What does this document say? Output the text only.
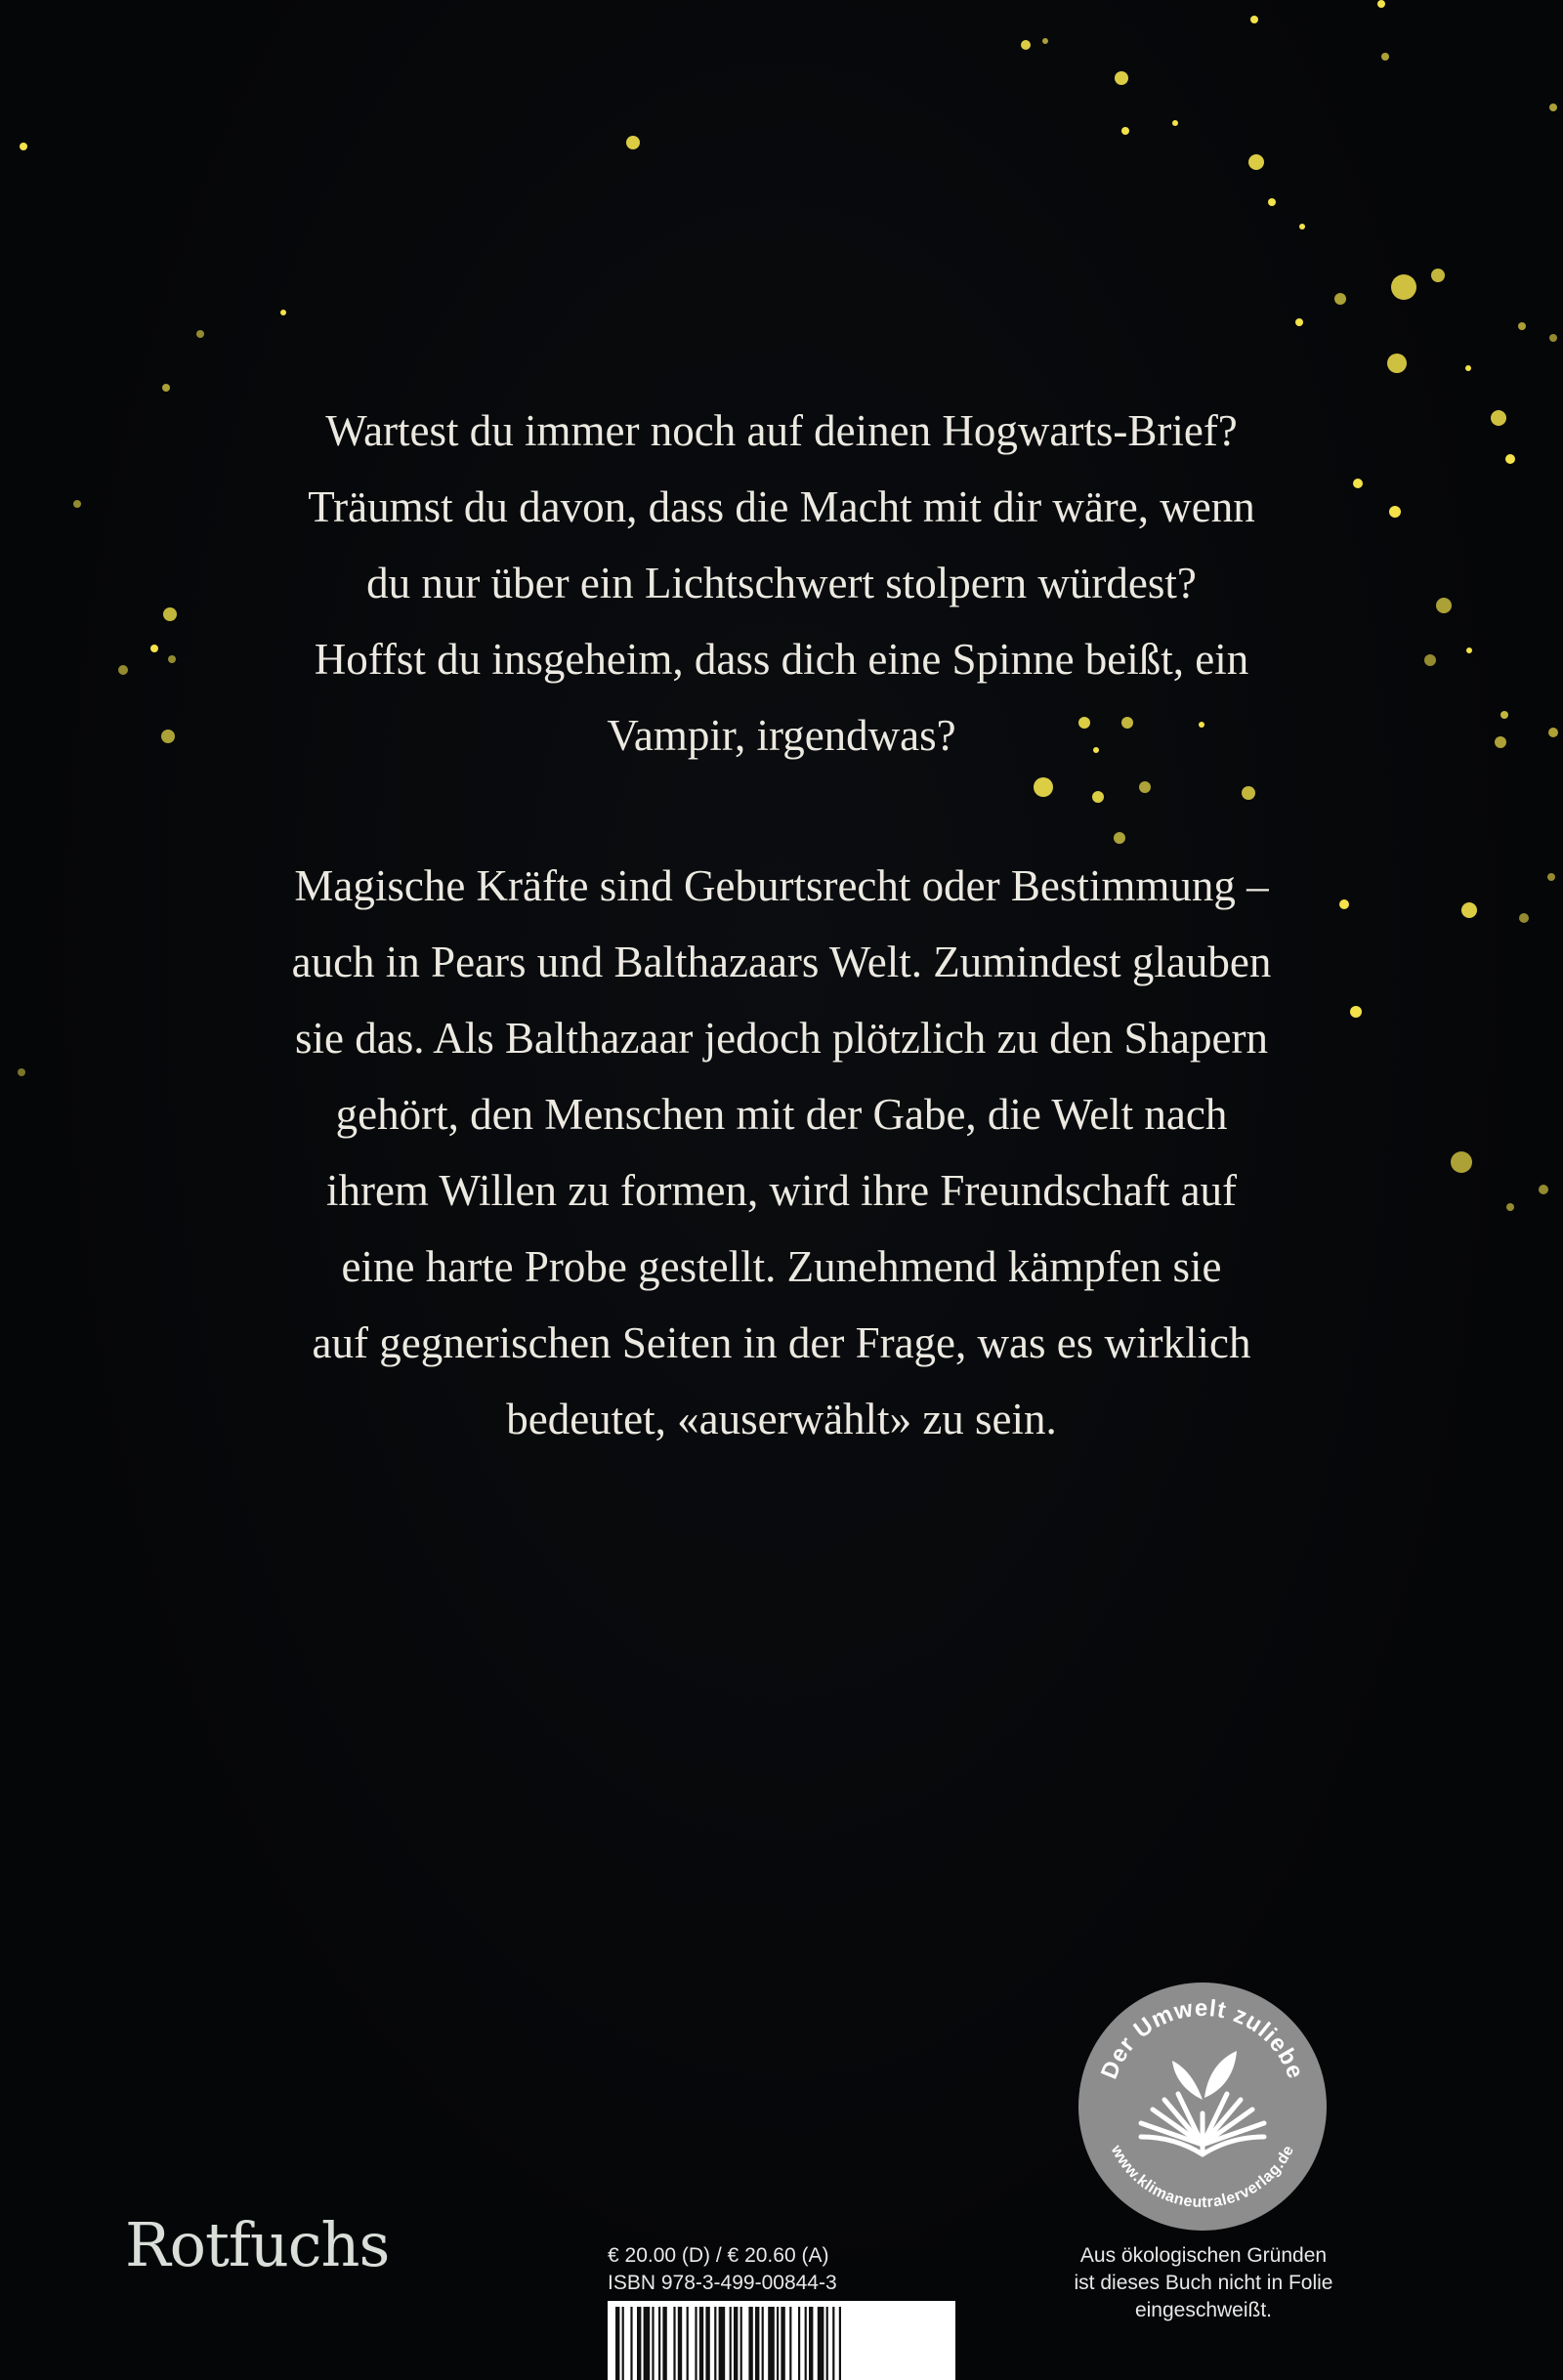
Wartest du immer noch auf deinen Hogwarts-Brief?
Träumst du davon, dass die Macht mit dir wäre, wenn
du nur über ein Lichtschwert stolpern würdest?
Hoffst du insgeheim, dass dich eine Spinne beißt, ein
Vampir, irgendwas?

Magische Kräfte sind Geburtsrecht oder Bestimmung –
auch in Pears und Balthazaars Welt. Zumindest glauben
sie das. Als Balthazaar jedoch plötzlich zu den Shapern
gehört, den Menschen mit der Gabe, die Welt nach
ihrem Willen zu formen, wird ihre Freundschaft auf
eine harte Probe gestellt. Zunehmend kämpfen sie
auf gegnerischen Seiten in der Frage, was es wirklich
bedeutet, «auserwählt» zu sein.

Rotfuchs	€ 20.00 (D) / € 20.60 (A)
ISBN 978-3-499-00844-3
Der Umwelt zuliebe
www.klimaneutralerverlag.de
Aus ökologischen Gründen
ist dieses Buch nicht in Folie
eingeschweißt.
